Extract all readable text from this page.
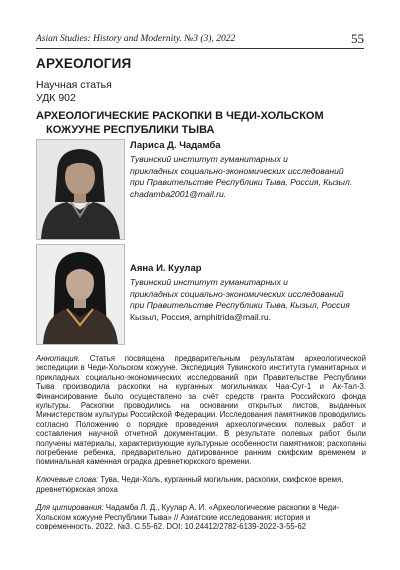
Asian Studies: History and Modernity. №3 (3), 2022	55
АРХЕОЛОГИЯ
Научная статья
УДК 902
АРХЕОЛОГИЧЕСКИЕ РАСКОПКИ В ЧЕДИ-ХОЛЬСКОМ
КОЖУУНЕ РЕСПУБЛИКИ ТЫВА
Лариса Д. Чадамба
Тувинский институт гуманитарных и
прикладных социально-экономических исследований
при Правительстве Республики Тыва, Россия, Кызыл.
chadamba2001@mail.ru.
Аяна И. Куулар
Тувинский институт гуманитарных и
прикладных социально-экономических исследований
при Правительстве Республики Тыва, Кызыл, Россия
Кызыл, Россия, amphitrida@mail.ru.
Аннотация. Статья посвящена предварительным результатам археологической экспедиции в Чеди-Хольском кожууне. Экспедиция Тувинского института гуманитарных и прикладных социально-экономических исследований при Правительстве Республики Тыва производила раскопки на курганных могильниках Чаа-Суг-1 и Ак-Тал-3. Финансирование было осуществлено за счёт средств гранта Российского фонда культуры. Раскопки проводились на основании открытых листов, выданных Министерством культуры Российской Федерации. Исследования памятников проводились согласно Положению о порядке проведения археологических полевых работ и составления научной отчетной документации. В результате полевых работ были получены материалы, характеризующие культурные особенности памятников; раскопаны погребение ребенка, предварительно датированное ранним скифским временем и поминальная каменная оградка древнетюркского времени.
Ключевые слова: Тува, Чеди-Холь, курганный могильник, раскопки, скифское время, древнетюркская эпоха
Для цитирования: Чадамба Л. Д., Куулар А. И. «Археологические раскопки в Чеди-Хольском кожууне Республики Тыва» // Азиатские исследования: история и современность. 2022. №3. С.55-62. DOI: 10.24412/2782-6139-2022-3-55-62
